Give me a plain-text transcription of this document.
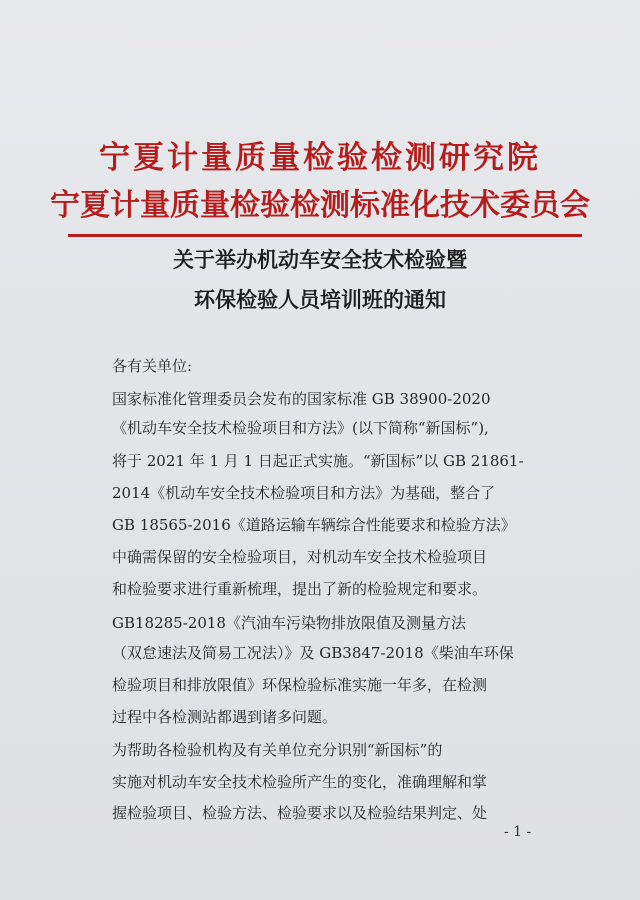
宁夏计量质量检验检测研究院
宁夏计量质量检验检测标准化技术委员会
关于举办机动车安全技术检验暨
环保检验人员培训班的通知
各有关单位:
国家标准化管理委员会发布的国家标准 GB 38900-2020
《机动车安全技术检验项目和方法》(以下简称“新国标”),
将于 2021 年 1 月 1 日起正式实施。“新国标”以 GB 21861-
2014《机动车安全技术检验项目和方法》为基础，整合了
GB 18565-2016《道路运输车辆综合性能要求和检验方法》
中确需保留的安全检验项目，对机动车安全技术检验项目
和检验要求进行重新梳理，提出了新的检验规定和要求。
GB18285-2018《汽油车污染物排放限值及测量方法
（双怠速法及简易工况法）》及 GB3847-2018《柴油车环保
检验项目和排放限值》环保检验标准实施一年多，在检测
过程中各检测站都遇到诸多问题。
为帮助各检验机构及有关单位充分识别“新国标”的
实施对机动车安全技术检验所产生的变化，准确理解和掌
握检验项目、检验方法、检验要求以及检验结果判定、处
- 1 -
